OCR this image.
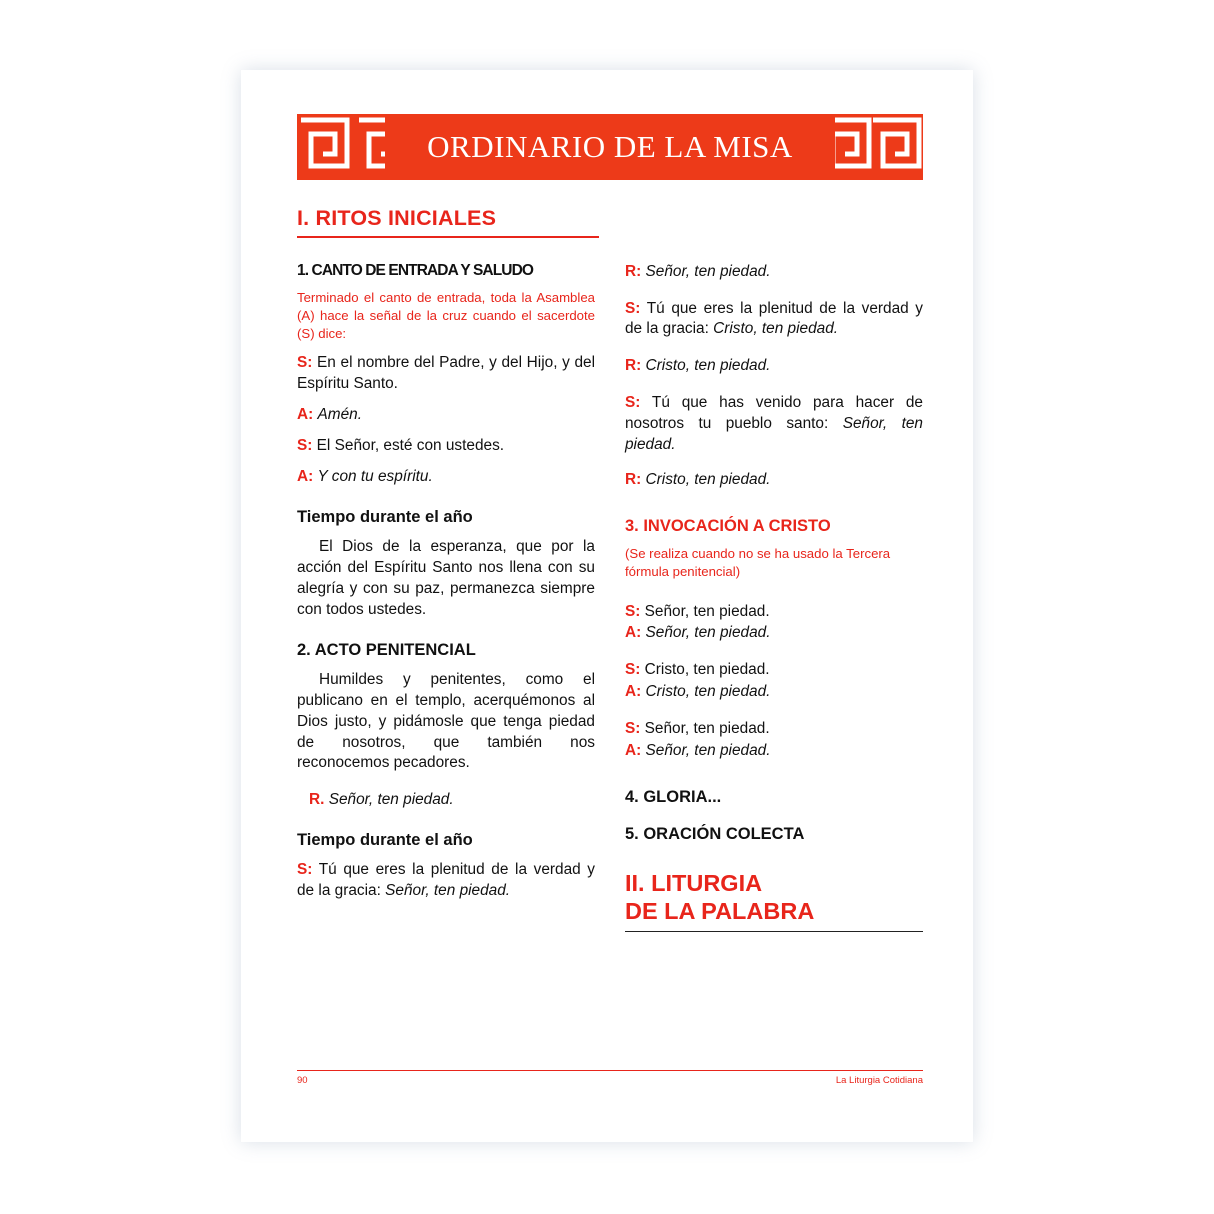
ORDINARIO DE LA MISA
I. RITOS INICIALES

1. CANTO DE ENTRADA Y SALUDO

Terminado el canto de entrada, toda la Asamblea (A) hace la señal de la cruz cuando el sacerdote (S) dice:

S: En el nombre del Padre, y del Hijo, y del Espíritu Santo.

A: Amén.

S: El Señor, esté con ustedes.

A: Y con tu espíritu.

Tiempo durante el año

El Dios de la esperanza, que por la acción del Espíritu Santo nos llena con su alegría y con su paz, permanezca siempre con todos ustedes.

2. ACTO PENITENCIAL

Humildes y penitentes, como el publicano en el templo, acerquémonos al Dios justo, y pidámosle que tenga piedad de nosotros, que también nos reconocemos pecadores.

R. Señor, ten piedad.

Tiempo durante el año

S: Tú que eres la plenitud de la verdad y de la gracia: Señor, ten piedad.

R: Señor, ten piedad.

S: Tú que eres la plenitud de la verdad y de la gracia: Cristo, ten piedad.

R: Cristo, ten piedad.

S: Tú que has venido para hacer de nosotros tu pueblo santo: Señor, ten piedad.

R: Cristo, ten piedad.

3. INVOCACIÓN A CRISTO

(Se realiza cuando no se ha usado la Tercera fórmula penitencial)

S: Señor, ten piedad.

A: Señor, ten piedad.

S: Cristo, ten piedad.

A: Cristo, ten piedad.

S: Señor, ten piedad.

A: Señor, ten piedad.

4. GLORIA...

5. ORACIÓN COLECTA

II. LITURGIA
DE LA PALABRA
90	La Liturgia Cotidiana
